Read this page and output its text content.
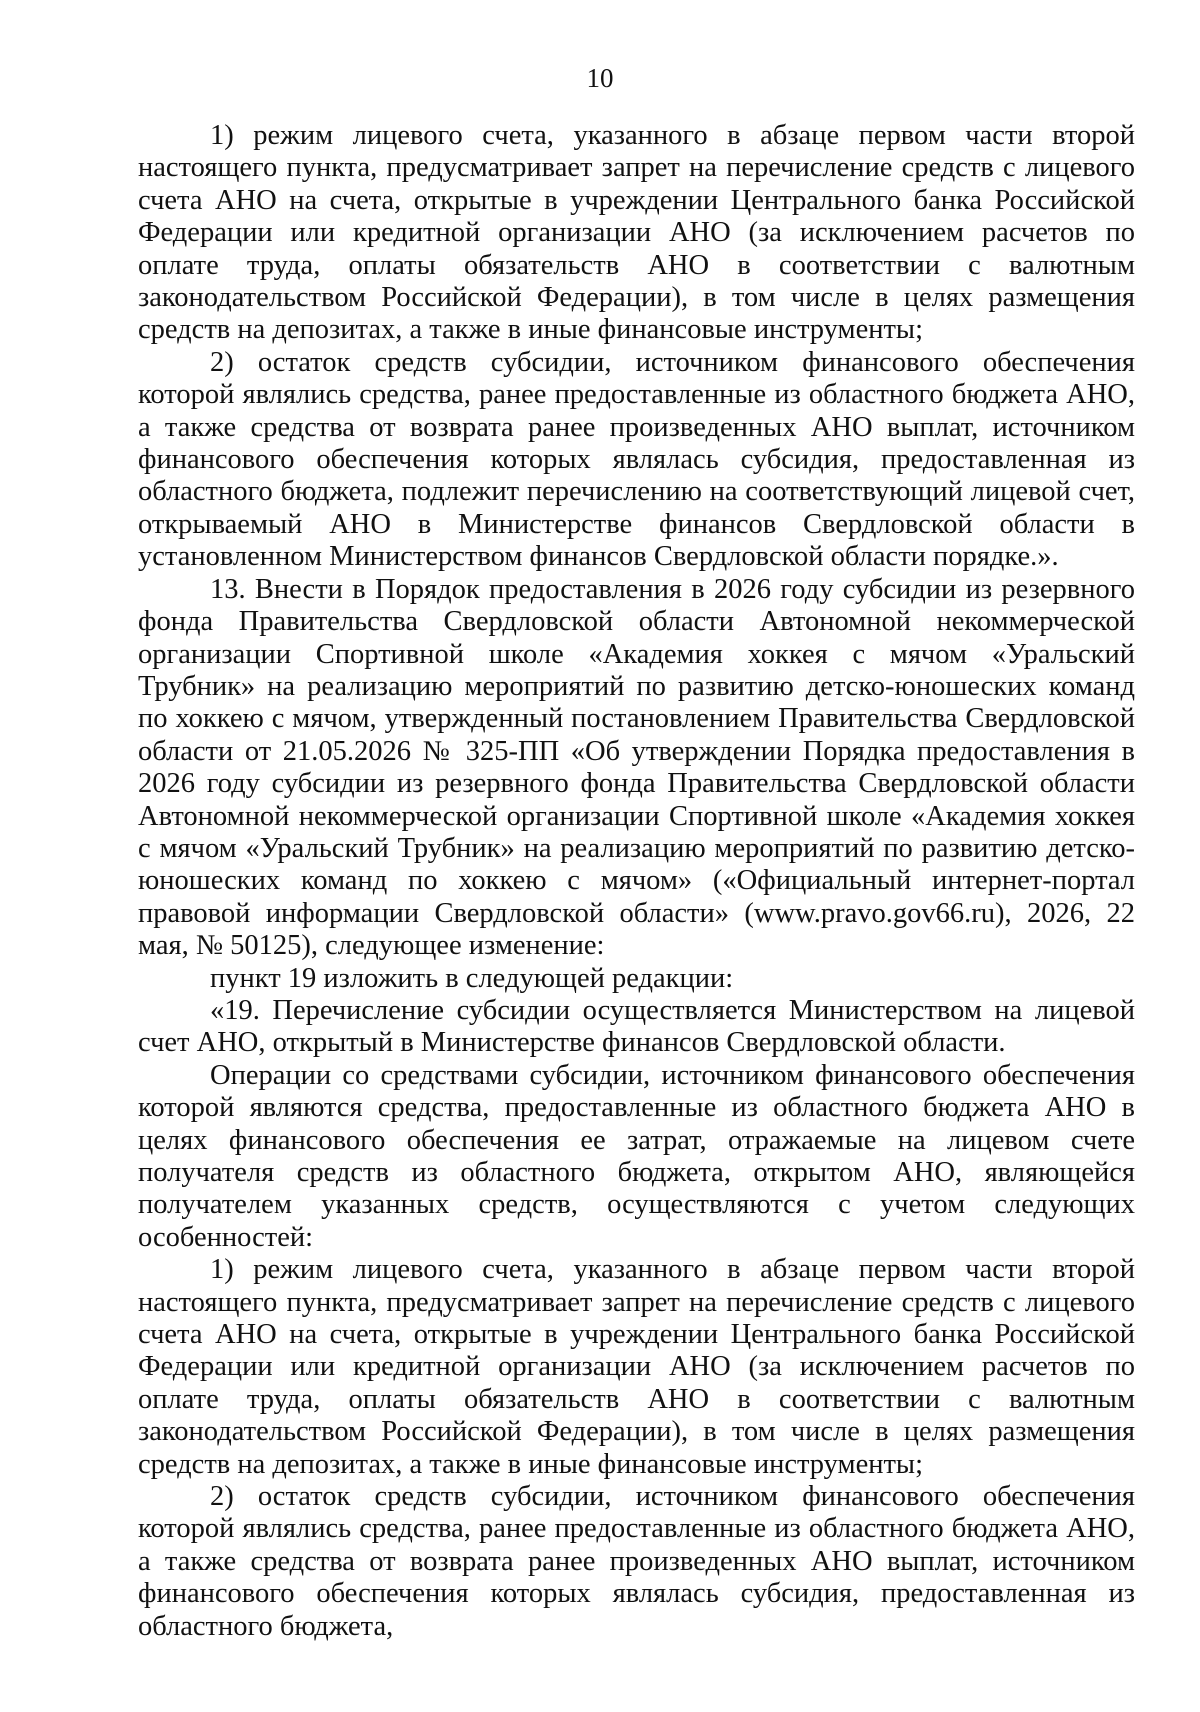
10

1) режим лицевого счета, указанного в абзаце первом части второй настоящего пункта, предусматривает запрет на перечисление средств с лицевого счета АНО на счета, открытые в учреждении Центрального банка Российской Федерации или кредитной организации АНО (за исключением расчетов по оплате труда, оплаты обязательств АНО в соответствии с валютным законодательством Российской Федерации), в том числе в целях размещения средств на депозитах, а также в иные финансовые инструменты;

2) остаток средств субсидии, источником финансового обеспечения которой являлись средства, ранее предоставленные из областного бюджета АНО, а также средства от возврата ранее произведенных АНО выплат, источником финансового обеспечения которых являлась субсидия, предоставленная из областного бюджета, подлежит перечислению на соответствующий лицевой счет, открываемый АНО в Министерстве финансов Свердловской области в установленном Министерством финансов Свердловской области порядке.».

13. Внести в Порядок предоставления в 2026 году субсидии из резервного фонда Правительства Свердловской области Автономной некоммерческой организации Спортивной школе «Академия хоккея с мячом «Уральский Трубник» на реализацию мероприятий по развитию детско-юношеских команд по хоккею с мячом, утвержденный постановлением Правительства Свердловской области от 21.05.2026 № 325-ПП «Об утверждении Порядка предоставления в 2026 году субсидии из резервного фонда Правительства Свердловской области Автономной некоммерческой организации Спортивной школе «Академия хоккея с мячом «Уральский Трубник» на реализацию мероприятий по развитию детско-юношеских команд по хоккею с мячом» («Официальный интернет-портал правовой информации Свердловской области» (www.pravo.gov66.ru), 2026, 22 мая, № 50125), следующее изменение:

пункт 19 изложить в следующей редакции:

«19. Перечисление субсидии осуществляется Министерством на лицевой счет АНО, открытый в Министерстве финансов Свердловской области.

Операции со средствами субсидии, источником финансового обеспечения которой являются средства, предоставленные из областного бюджета АНО в целях финансового обеспечения ее затрат, отражаемые на лицевом счете получателя средств из областного бюджета, открытом АНО, являющейся получателем указанных средств, осуществляются с учетом следующих особенностей:

1) режим лицевого счета, указанного в абзаце первом части второй настоящего пункта, предусматривает запрет на перечисление средств с лицевого счета АНО на счета, открытые в учреждении Центрального банка Российской Федерации или кредитной организации АНО (за исключением расчетов по оплате труда, оплаты обязательств АНО в соответствии с валютным законодательством Российской Федерации), в том числе в целях размещения средств на депозитах, а также в иные финансовые инструменты;

2) остаток средств субсидии, источником финансового обеспечения которой являлись средства, ранее предоставленные из областного бюджета АНО, а также средства от возврата ранее произведенных АНО выплат, источником финансового обеспечения которых являлась субсидия, предоставленная из областного бюджета,
